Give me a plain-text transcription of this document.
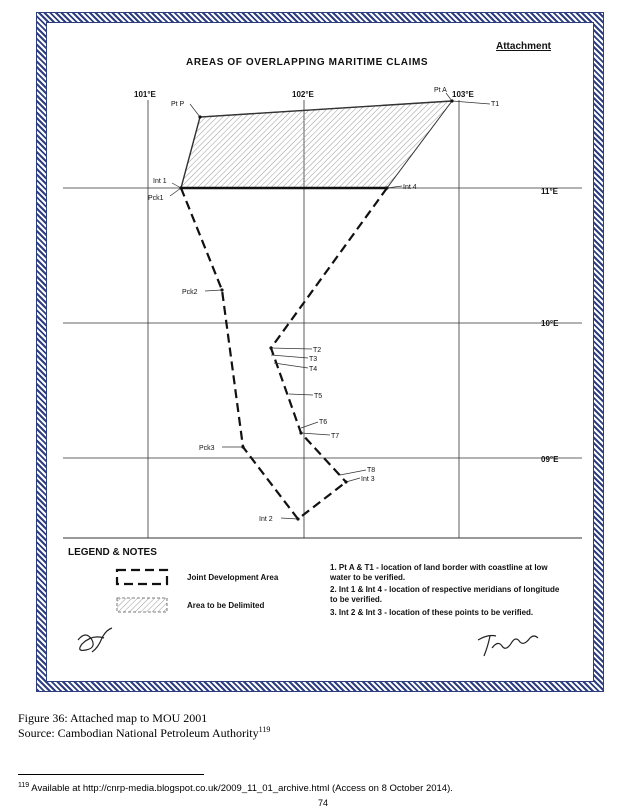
Attachment
AREAS OF OVERLAPPING MARITIME CLAIMS
101°E	102°E	103°E
11°E
10°E
09°E
Pt P
Pt A
T1
Int 1
Pck1
Int 4
Pck2
T2
T3
T4
T5
T6
T7
Pck3
T8
Int 3
Int 2
LEGEND & NOTES
Joint Development Area
Area to be Delimited
1. Pt A & T1 - location of land border with coastline at low water to be verified.
2. Int 1 & Int 4 - location of respective meridians of longitude to be verified.
3. Int 2 & Int 3 - location of these points to be verified.
Figure 36: Attached map to MOU 2001
Source: Cambodian National Petroleum Authority$^{119}$
$^{119}$ Available at http://cnrp-media.blogspot.co.uk/2009_11_01_archive.html (Access on 8 October 2014).
74
